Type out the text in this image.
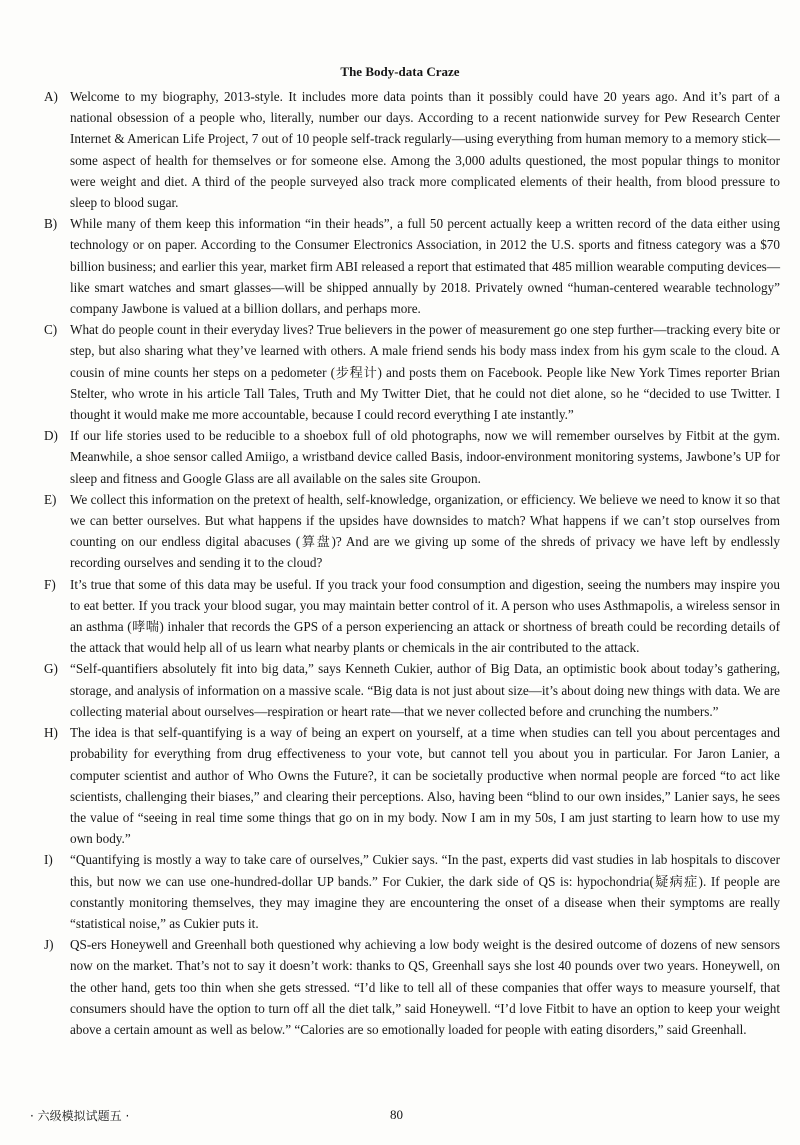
The Body-data Craze
A) Welcome to my biography, 2013-style. It includes more data points than it possibly could have 20 years ago. And it’s part of a national obsession of a people who, literally, number our days. According to a recent nationwide survey for Pew Research Center Internet & American Life Project, 7 out of 10 people self-track regularly—using everything from human memory to a memory stick—some aspect of health for themselves or for someone else. Among the 3,000 adults questioned, the most popular things to monitor were weight and diet. A third of the people surveyed also track more complicated elements of their health, from blood pressure to sleep to blood sugar.
B) While many of them keep this information “in their heads”, a full 50 percent actually keep a written record of the data either using technology or on paper. According to the Consumer Electronics Association, in 2012 the U.S. sports and fitness category was a $70 billion business; and earlier this year, market firm ABI released a report that estimated that 485 million wearable computing devices—like smart watches and smart glasses—will be shipped annually by 2018. Privately owned “human-centered wearable technology” company Jawbone is valued at a billion dollars, and perhaps more.
C) What do people count in their everyday lives? True believers in the power of measurement go one step further—tracking every bite or step, but also sharing what they’ve learned with others. A male friend sends his body mass index from his gym scale to the cloud. A cousin of mine counts her steps on a pedometer (步程计) and posts them on Facebook. People like New York Times reporter Brian Stelter, who wrote in his article Tall Tales, Truth and My Twitter Diet, that he could not diet alone, so he “decided to use Twitter. I thought it would make me more accountable, because I could record everything I ate instantly.”
D) If our life stories used to be reducible to a shoebox full of old photographs, now we will remember ourselves by Fitbit at the gym. Meanwhile, a shoe sensor called Amiigo, a wristband device called Basis, indoor-environment monitoring systems, Jawbone’s UP for sleep and fitness and Google Glass are all available on the sales site Groupon.
E)	We collect this information on the pretext of health, self-knowledge, organization, or efficiency. We believe we need to know it so that we can better ourselves. But what happens if the upsides have downsides to match? What happens if we can’t stop ourselves from counting on our endless digital abacuses (算盘)? And are we giving up some of the shreds of privacy we have left by endlessly recording ourselves and sending it to the cloud?
F)	It’s true that some of this data may be useful. If you track your food consumption and digestion, seeing the numbers may inspire you to eat better. If you track your blood sugar, you may maintain better control of it. A person who uses Asthmapolis, a wireless sensor in an asthma (哮喘) inhaler that records the GPS of a person experiencing an attack or shortness of breath could be recording details of the attack that would help all of us learn what nearby plants or chemicals in the air contributed to the attack.
G) “Self-quantifiers absolutely fit into big data,” says Kenneth Cukier, author of Big Data, an optimistic book about today’s gathering, storage, and analysis of information on a massive scale. “Big data is not just about size—it’s about doing new things with data. We are collecting material about ourselves—respiration or heart rate—that we never collected before and crunching the numbers.”
H) The idea is that self-quantifying is a way of being an expert on yourself, at a time when studies can tell you about percentages and probability for everything from drug effectiveness to your vote, but cannot tell you about you in particular. For Jaron Lanier, a computer scientist and author of Who Owns the Future?, it can be societally productive when normal people are forced “to act like scientists, challenging their biases,” and clearing their perceptions. Also, having been “blind to our own insides,” Lanier says, he sees the value of “seeing in real time some things that go on in my body. Now I am in my 50s, I am just starting to learn how to use my own body.”
I)	“Quantifying is mostly a way to take care of ourselves,” Cukier says. “In the past, experts did vast studies in lab hospitals to discover this, but now we can use one-hundred-dollar UP bands.” For Cukier, the dark side of QS is: hypochondria(疑病症). If people are constantly monitoring themselves, they may imagine they are encountering the onset of a disease when their symptoms are really “statistical noise,” as Cukier puts it.
J)	QS-ers Honeywell and Greenhall both questioned why achieving a low body weight is the desired outcome of dozens of new sensors now on the market. That’s not to say it doesn’t work: thanks to QS, Greenhall says she lost 40 pounds over two years. Honeywell, on the other hand, gets too thin when she gets stressed. “I’d like to tell all of these companies that offer ways to measure yourself, that consumers should have the option to turn off all the diet talk,” said Honeywell. “I’d love Fitbit to have an option to keep your weight above a certain amount as well as below.” “Calories are so emotionally loaded for people with eating disorders,” said Greenhall.
· 六级模拟试题五 ·	80
